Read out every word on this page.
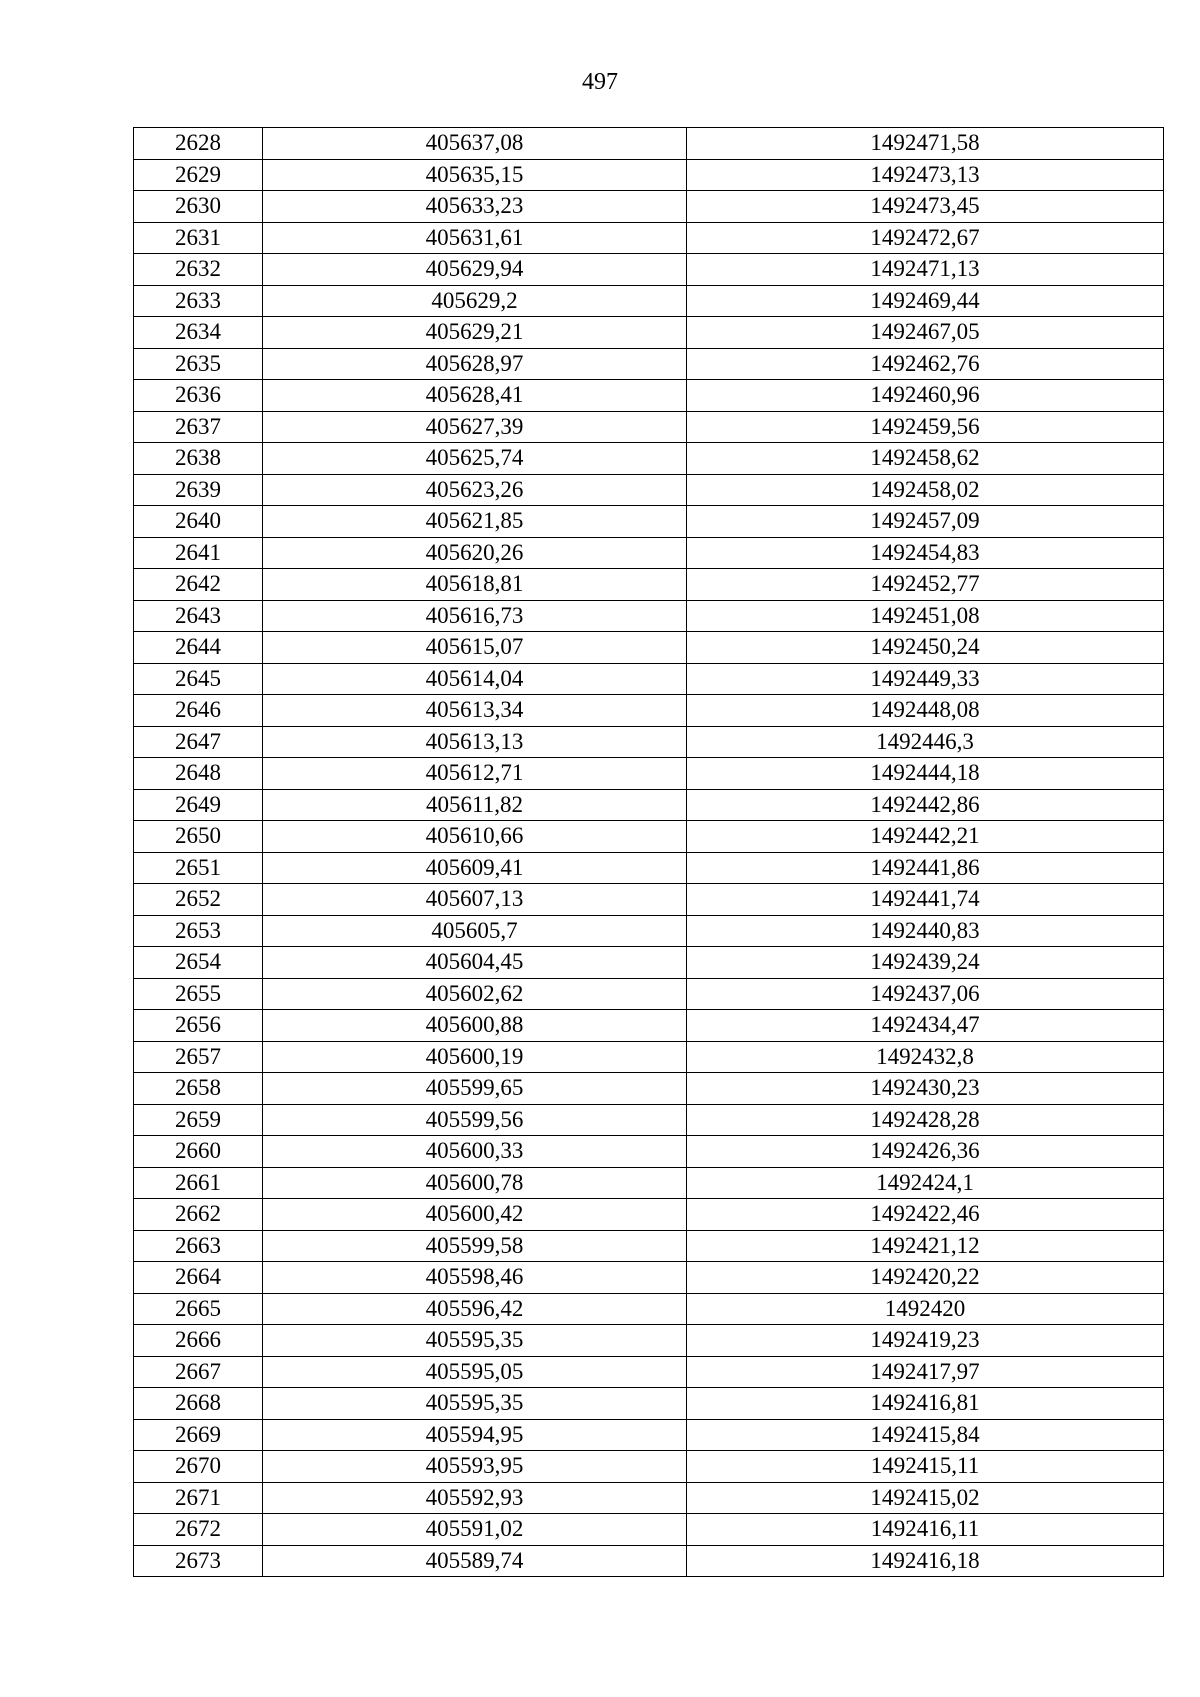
497
2628	405637,08	1492471,58
2629	405635,15	1492473,13
2630	405633,23	1492473,45
2631	405631,61	1492472,67
2632	405629,94	1492471,13
2633	405629,2	1492469,44
2634	405629,21	1492467,05
2635	405628,97	1492462,76
2636	405628,41	1492460,96
2637	405627,39	1492459,56
2638	405625,74	1492458,62
2639	405623,26	1492458,02
2640	405621,85	1492457,09
2641	405620,26	1492454,83
2642	405618,81	1492452,77
2643	405616,73	1492451,08
2644	405615,07	1492450,24
2645	405614,04	1492449,33
2646	405613,34	1492448,08
2647	405613,13	1492446,3
2648	405612,71	1492444,18
2649	405611,82	1492442,86
2650	405610,66	1492442,21
2651	405609,41	1492441,86
2652	405607,13	1492441,74
2653	405605,7	1492440,83
2654	405604,45	1492439,24
2655	405602,62	1492437,06
2656	405600,88	1492434,47
2657	405600,19	1492432,8
2658	405599,65	1492430,23
2659	405599,56	1492428,28
2660	405600,33	1492426,36
2661	405600,78	1492424,1
2662	405600,42	1492422,46
2663	405599,58	1492421,12
2664	405598,46	1492420,22
2665	405596,42	1492420
2666	405595,35	1492419,23
2667	405595,05	1492417,97
2668	405595,35	1492416,81
2669	405594,95	1492415,84
2670	405593,95	1492415,11
2671	405592,93	1492415,02
2672	405591,02	1492416,11
2673	405589,74	1492416,18
